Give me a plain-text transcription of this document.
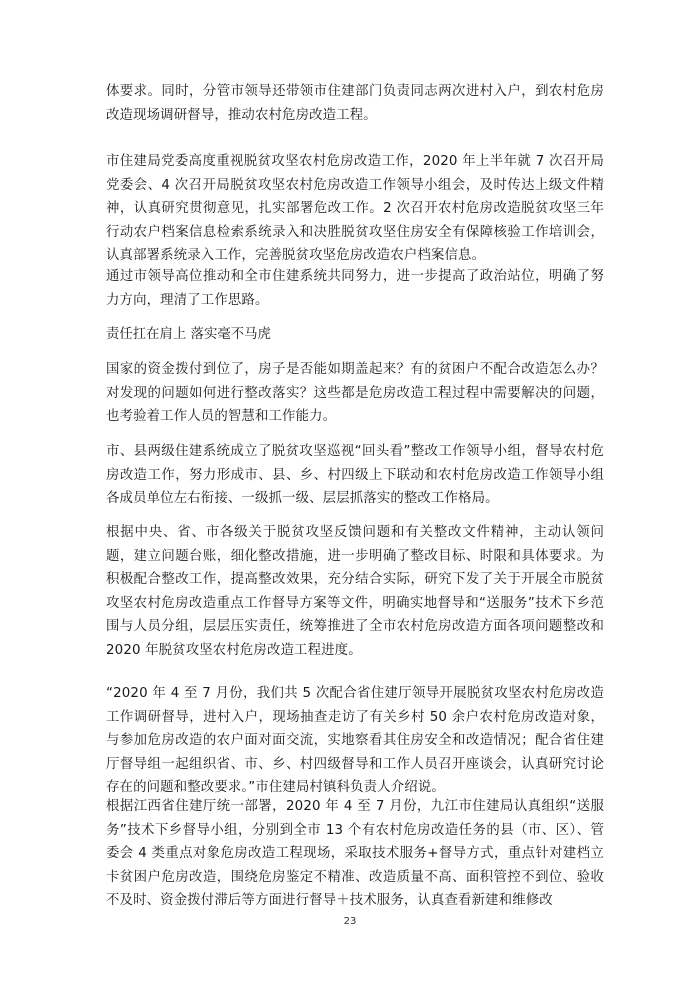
体要求。同时，分管市领导还带领市住建部门负责同志两次进村入户，到农村危房改造现场调研督导，推动农村危房改造工程。

市住建局党委高度重视脱贫攻坚农村危房改造工作，2020 年上半年就 7 次召开局党委会、4 次召开局脱贫攻坚农村危房改造工作领导小组会，及时传达上级文件精神，认真研究贯彻意见，扎实部署危改工作。2 次召开农村危房改造脱贫攻坚三年行动农户档案信息检索系统录入和决胜脱贫攻坚住房安全有保障核验工作培训会，认真部署系统录入工作，完善脱贫攻坚危房改造农户档案信息。

通过市领导高位推动和全市住建系统共同努力，进一步提高了政治站位，明确了努力方向，理清了工作思路。

责任扛在肩上 落实毫不马虎

国家的资金拨付到位了，房子是否能如期盖起来？有的贫困户不配合改造怎么办？对发现的问题如何进行整改落实？这些都是危房改造工程过程中需要解决的问题，也考验着工作人员的智慧和工作能力。

市、县两级住建系统成立了脱贫攻坚巡视“回头看”整改工作领导小组，督导农村危房改造工作，努力形成市、县、乡、村四级上下联动和农村危房改造工作领导小组各成员单位左右衔接、一级抓一级、层层抓落实的整改工作格局。

根据中央、省、市各级关于脱贫攻坚反馈问题和有关整改文件精神，主动认领问题，建立问题台账，细化整改措施，进一步明确了整改目标、时限和具体要求。为积极配合整改工作，提高整改效果，充分结合实际，研究下发了关于开展全市脱贫攻坚农村危房改造重点工作督导方案等文件，明确实地督导和“送服务”技术下乡范围与人员分组，层层压实责任，统筹推进了全市农村危房改造方面各项问题整改和 2020 年脱贫攻坚农村危房改造工程进度。

“2020 年 4 至 7 月份，我们共 5 次配合省住建厅领导开展脱贫攻坚农村危房改造工作调研督导，进村入户，现场抽查走访了有关乡村 50 余户农村危房改造对象，与参加危房改造的农户面对面交流，实地察看其住房安全和改造情况；配合省住建厅督导组一起组织省、市、乡、村四级督导和工作人员召开座谈会，认真研究讨论存在的问题和整改要求。”市住建局村镇科负责人介绍说。

根据江西省住建厅统一部署，2020 年 4 至 7 月份，九江市住建局认真组织“送服务”技术下乡督导小组，分别到全市 13 个有农村危房改造任务的县（市、区）、管委会 4 类重点对象危房改造工程现场，采取技术服务+督导方式，重点针对建档立卡贫困户危房改造，围绕危房鉴定不精准、改造质量不高、面积管控不到位、验收不及时、资金拨付滞后等方面进行督导＋技术服务，认真查看新建和维修改

23
